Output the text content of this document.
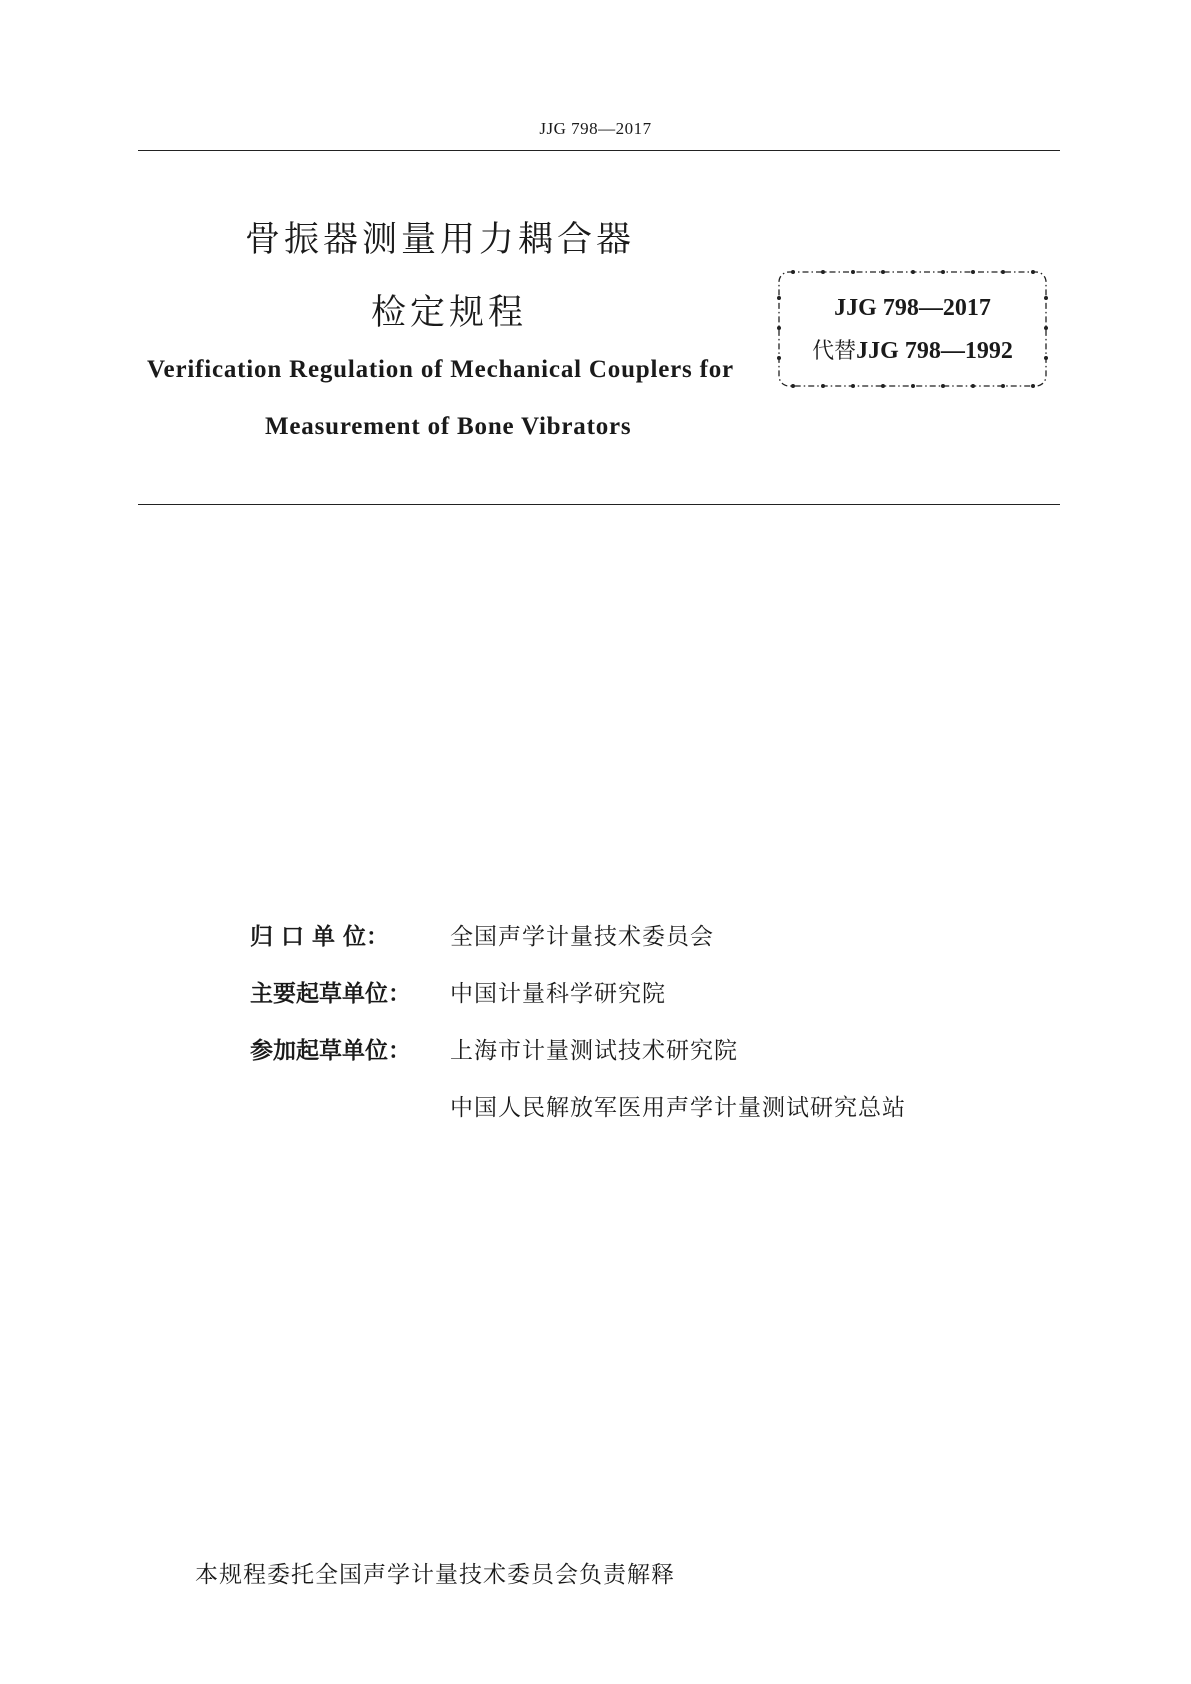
JJG 798—2017
骨振器测量用力耦合器
检定规程
Verification Regulation of Mechanical Couplers for
Measurement of Bone Vibrators
JJG 798—2017
代替JJG 798—1992
归 口 单 位：	全国声学计量技术委员会
主要起草单位： 中国计量科学研究院
参加起草单位： 上海市计量测试技术研究院
中国人民解放军医用声学计量测试研究总站
本规程委托全国声学计量技术委员会负责解释
